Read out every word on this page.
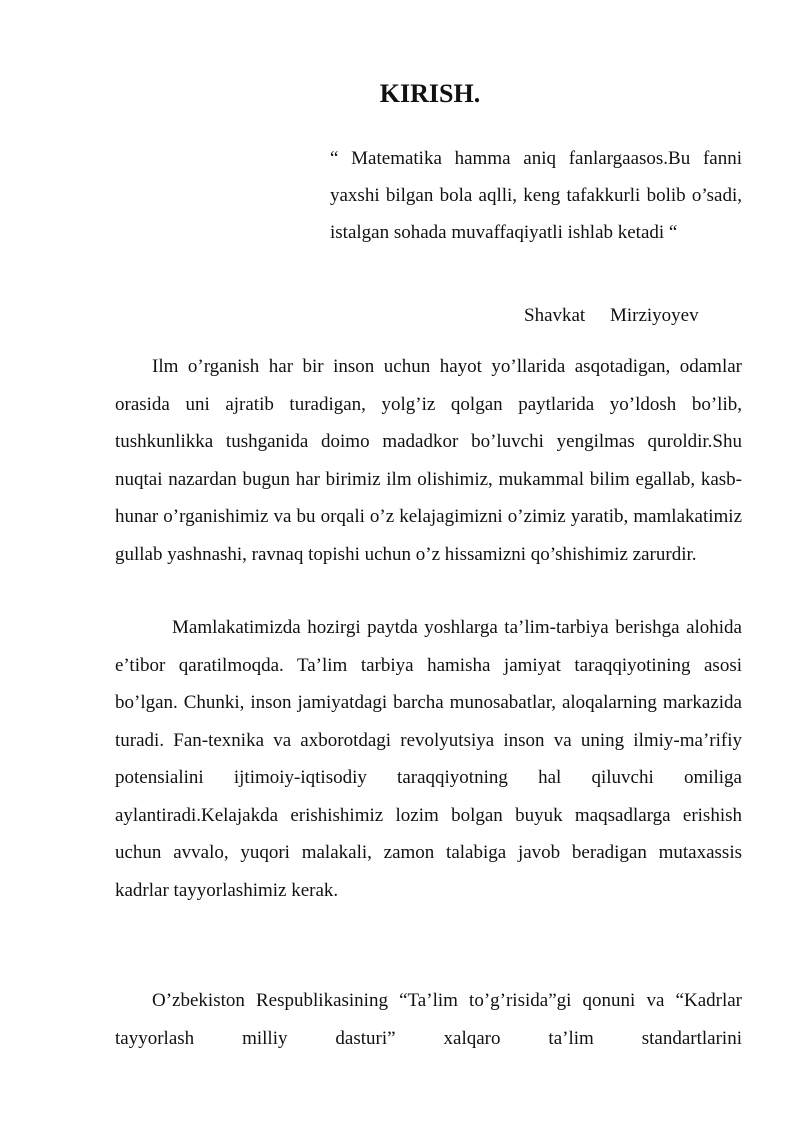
KIRISH.

“ Matematika hamma aniq fanlargaasos.Bu fanni yaxshi bilgan bola aqlli, keng tafakkurli bolib o’sadi, istalgan sohada muvaffaqiyatli ishlab ketadi “

Shavkat Mirziyoyev

Ilm o’rganish har bir inson uchun hayot yo’llarida asqotadigan, odamlar orasida uni ajratib turadigan, yolg’iz qolgan paytlarida yo’ldosh bo’lib, tushkunlikka tushganida doimo madadkor bo’luvchi yengilmas quroldir.Shu nuqtai nazardan bugun har birimiz ilm olishimiz, mukammal bilim egallab, kasb-hunar o’rganishimiz va bu orqali o’z kelajagimizni o’zimiz yaratib, mamlakatimiz gullab yashnashi, ravnaq topishi uchun o’z hissamizni qo’shishimiz zarurdir.

Mamlakatimizda hozirgi paytda yoshlarga ta’lim-tarbiya berishga alohida e’tibor qaratilmoqda. Ta’lim tarbiya hamisha jamiyat taraqqiyotining asosi bo’lgan. Chunki, inson jamiyatdagi barcha munosabatlar, aloqalarning markazida turadi. Fan-texnika va axborotdagi revolyutsiya inson va uning ilmiy-ma’rifiy potensialini ijtimoiy-iqtisodiy taraqqiyotning hal qiluvchi omiliga aylantiradi.Kelajakda erishishimiz lozim bolgan buyuk maqsadlarga erishish uchun avvalo, yuqori malakali, zamon talabiga javob beradigan mutaxassis kadrlar tayyorlashimiz kerak.

O’zbekiston Respublikasining “Ta’lim to’g’risida”gi qonuni va “Kadrlar tayyorlash milliy dasturi” xalqaro ta’lim standartlarini
